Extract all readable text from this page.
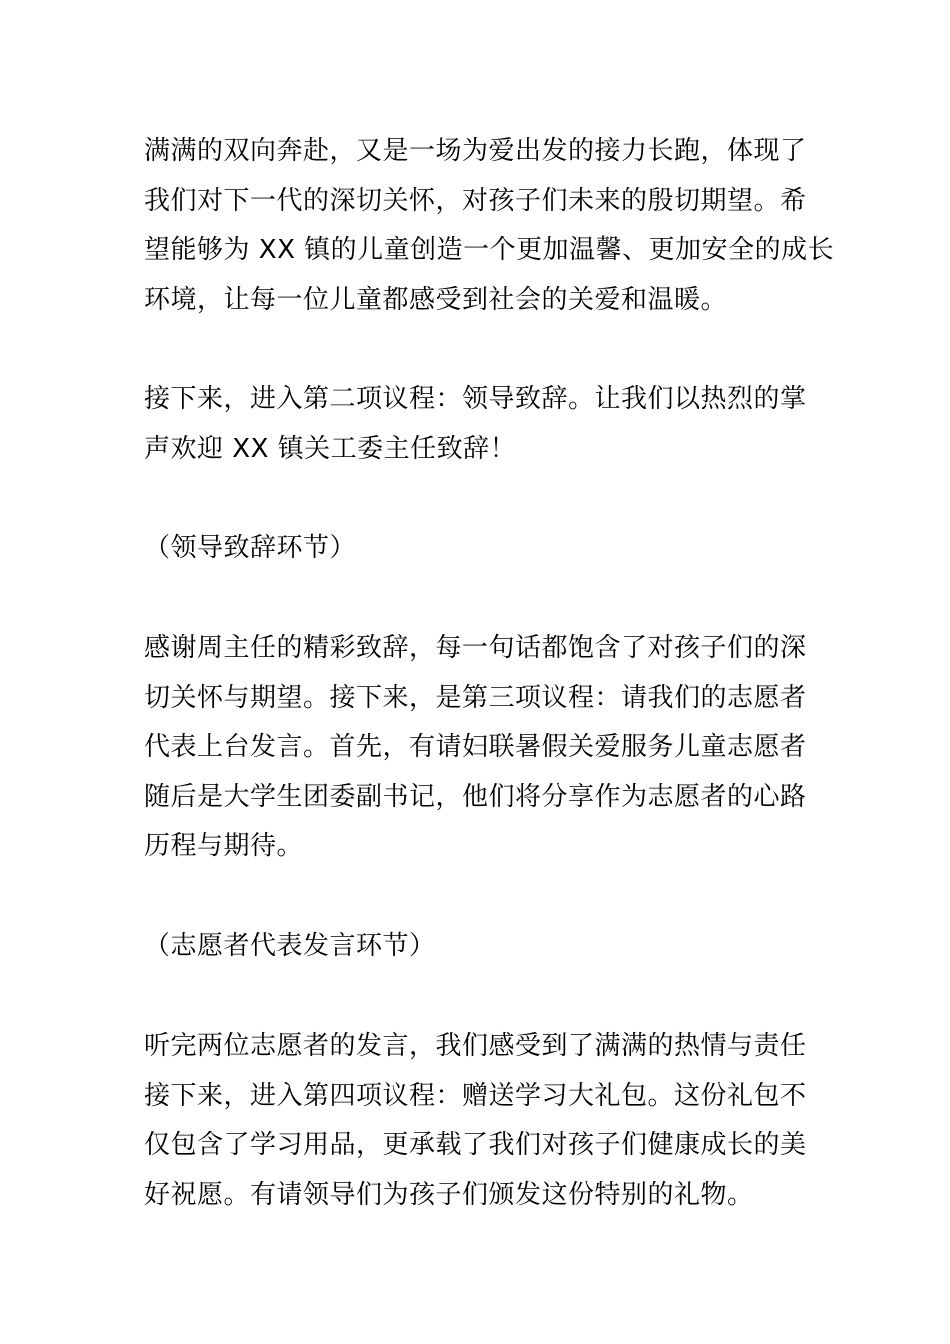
满满的双向奔赴，又是一场为爱出发的接力长跑，体现了
我们对下一代的深切关怀，对孩子们未来的殷切期望。希
望能够为 XX 镇的儿童创造一个更加温馨、更加安全的成长
环境，让每一位儿童都感受到社会的关爱和温暖。
接下来，进入第二项议程：领导致辞。让我们以热烈的掌
声欢迎 XX 镇关工委主任致辞！
（领导致辞环节）
感谢周主任的精彩致辞，每一句话都饱含了对孩子们的深
切关怀与期望。接下来，是第三项议程：请我们的志愿者
代表上台发言。首先，有请妇联暑假关爱服务儿童志愿者
随后是大学生团委副书记，他们将分享作为志愿者的心路
历程与期待。
（志愿者代表发言环节）
听完两位志愿者的发言，我们感受到了满满的热情与责任
接下来，进入第四项议程：赠送学习大礼包。这份礼包不
仅包含了学习用品，更承载了我们对孩子们健康成长的美
好祝愿。有请领导们为孩子们颁发这份特别的礼物。
